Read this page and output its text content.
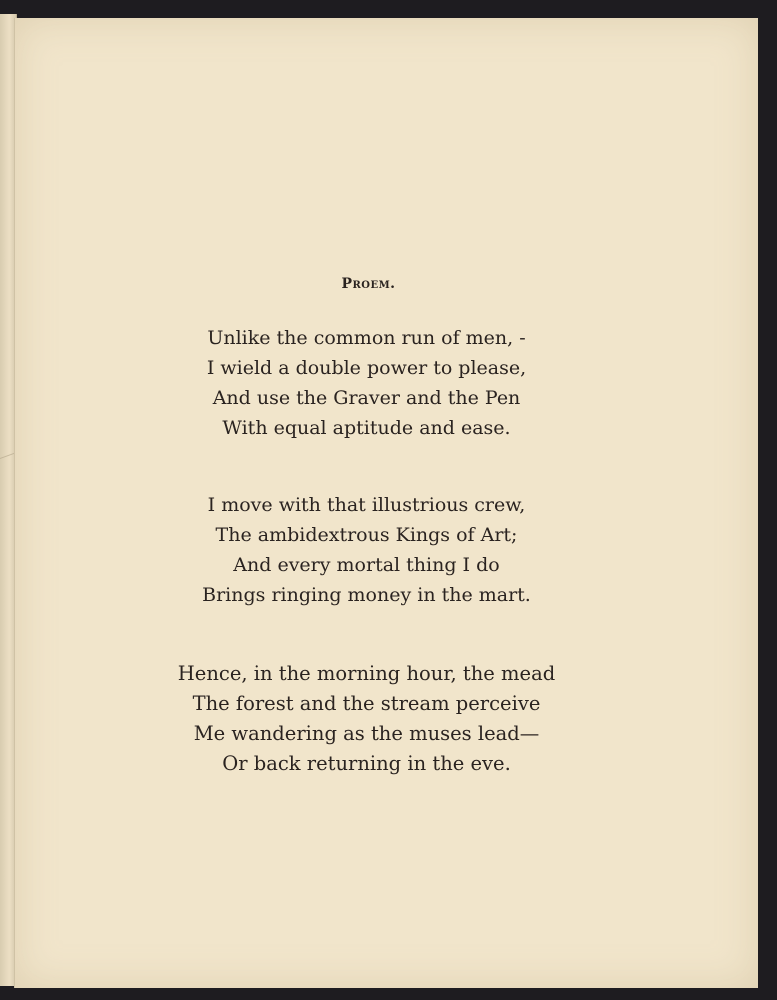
Proem.
Unlike the common run of men, -
I wield a double power to please,
And use the Graver and the Pen
With equal aptitude and ease.
I move with that illustrious crew,
The ambidextrous Kings of Art;
And every mortal thing I do
Brings ringing money in the mart.
Hence, in the morning hour, the mead
The forest and the stream perceive
Me wandering as the muses lead—
Or back returning in the eve.
